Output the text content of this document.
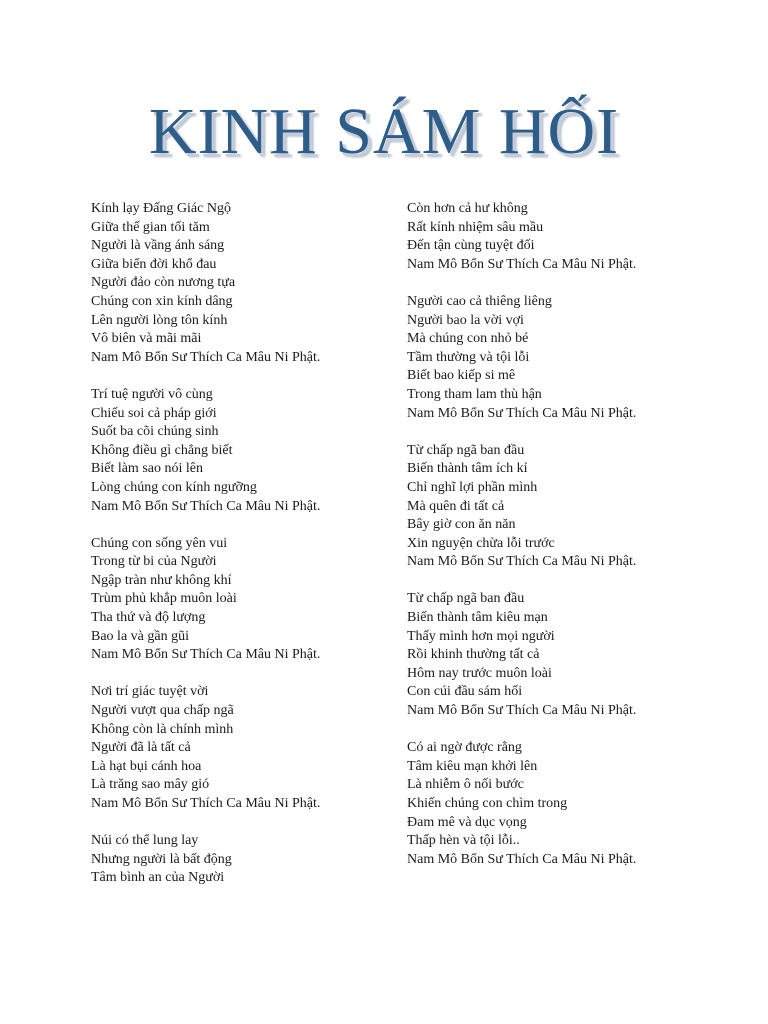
KINH SÁM HỐI
Kính lạy Đấng Giác Ngộ
Giữa thế gian tối tăm
Người là vầng ánh sáng
Giữa biển đời khổ đau
Người đảo còn nương tựa
Chúng con xin kính dâng
Lên người lòng tôn kính
Vô biên và mãi mãi
Nam Mô Bổn Sư Thích Ca Mâu Ni Phật.
Trí tuệ người vô cùng
Chiếu soi cả pháp giới
Suốt ba cõi chúng sinh
Không điều gì chẳng biết
Biết làm sao nói lên
Lòng chúng con kính ngưỡng
Nam Mô Bổn Sư Thích Ca Mâu Ni Phật.
Chúng con sống yên vui
Trong từ bi của Người
Ngập tràn như không khí
Trùm phủ khắp muôn loài
Tha thứ và độ lượng
Bao la và gần gũi
Nam Mô Bổn Sư Thích Ca Mâu Ni Phật.
Nơi trí giác tuyệt vời
Người vượt qua chấp ngã
Không còn là chính mình
Người đã là tất cả
Là hạt bụi cánh hoa
Là trăng sao mây gió
Nam Mô Bổn Sư Thích Ca Mâu Ni Phật.
Núi có thể lung lay
Nhưng người là bất động
Tâm bình an của Người
Còn hơn cả hư không
Rất kính nhiệm sâu mầu
Đến tận cùng tuyệt đối
Nam Mô Bổn Sư Thích Ca Mâu Ni Phật.
Người cao cả thiêng liêng
Người bao la vời vợi
Mà chúng con nhỏ bé
Tầm thường và tội lỗi
Biết bao kiếp si mê
Trong tham lam thù hận
Nam Mô Bổn Sư Thích Ca Mâu Ni Phật.
Từ chấp ngã ban đầu
Biến thành tâm ích kỉ
Chỉ nghĩ lợi phần mình
Mà quên đi tất cả
Bây giờ con ăn năn
Xin nguyện chừa lỗi trước
Nam Mô Bổn Sư Thích Ca Mâu Ni Phật.
Từ chấp ngã ban đầu
Biến thành tâm kiêu mạn
Thấy mình hơn mọi người
Rồi khinh thường tất cả
Hôm nay trước muôn loài
Con cúi đầu sám hối
Nam Mô Bổn Sư Thích Ca Mâu Ni Phật.
Có ai ngờ được rằng
Tâm kiêu mạn khởi lên
Là nhiễm ô nối bước
Khiến chúng con chìm trong
Đam mê và dục vọng
Thấp hèn và tội lỗi..
Nam Mô Bổn Sư Thích Ca Mâu Ni Phật.
